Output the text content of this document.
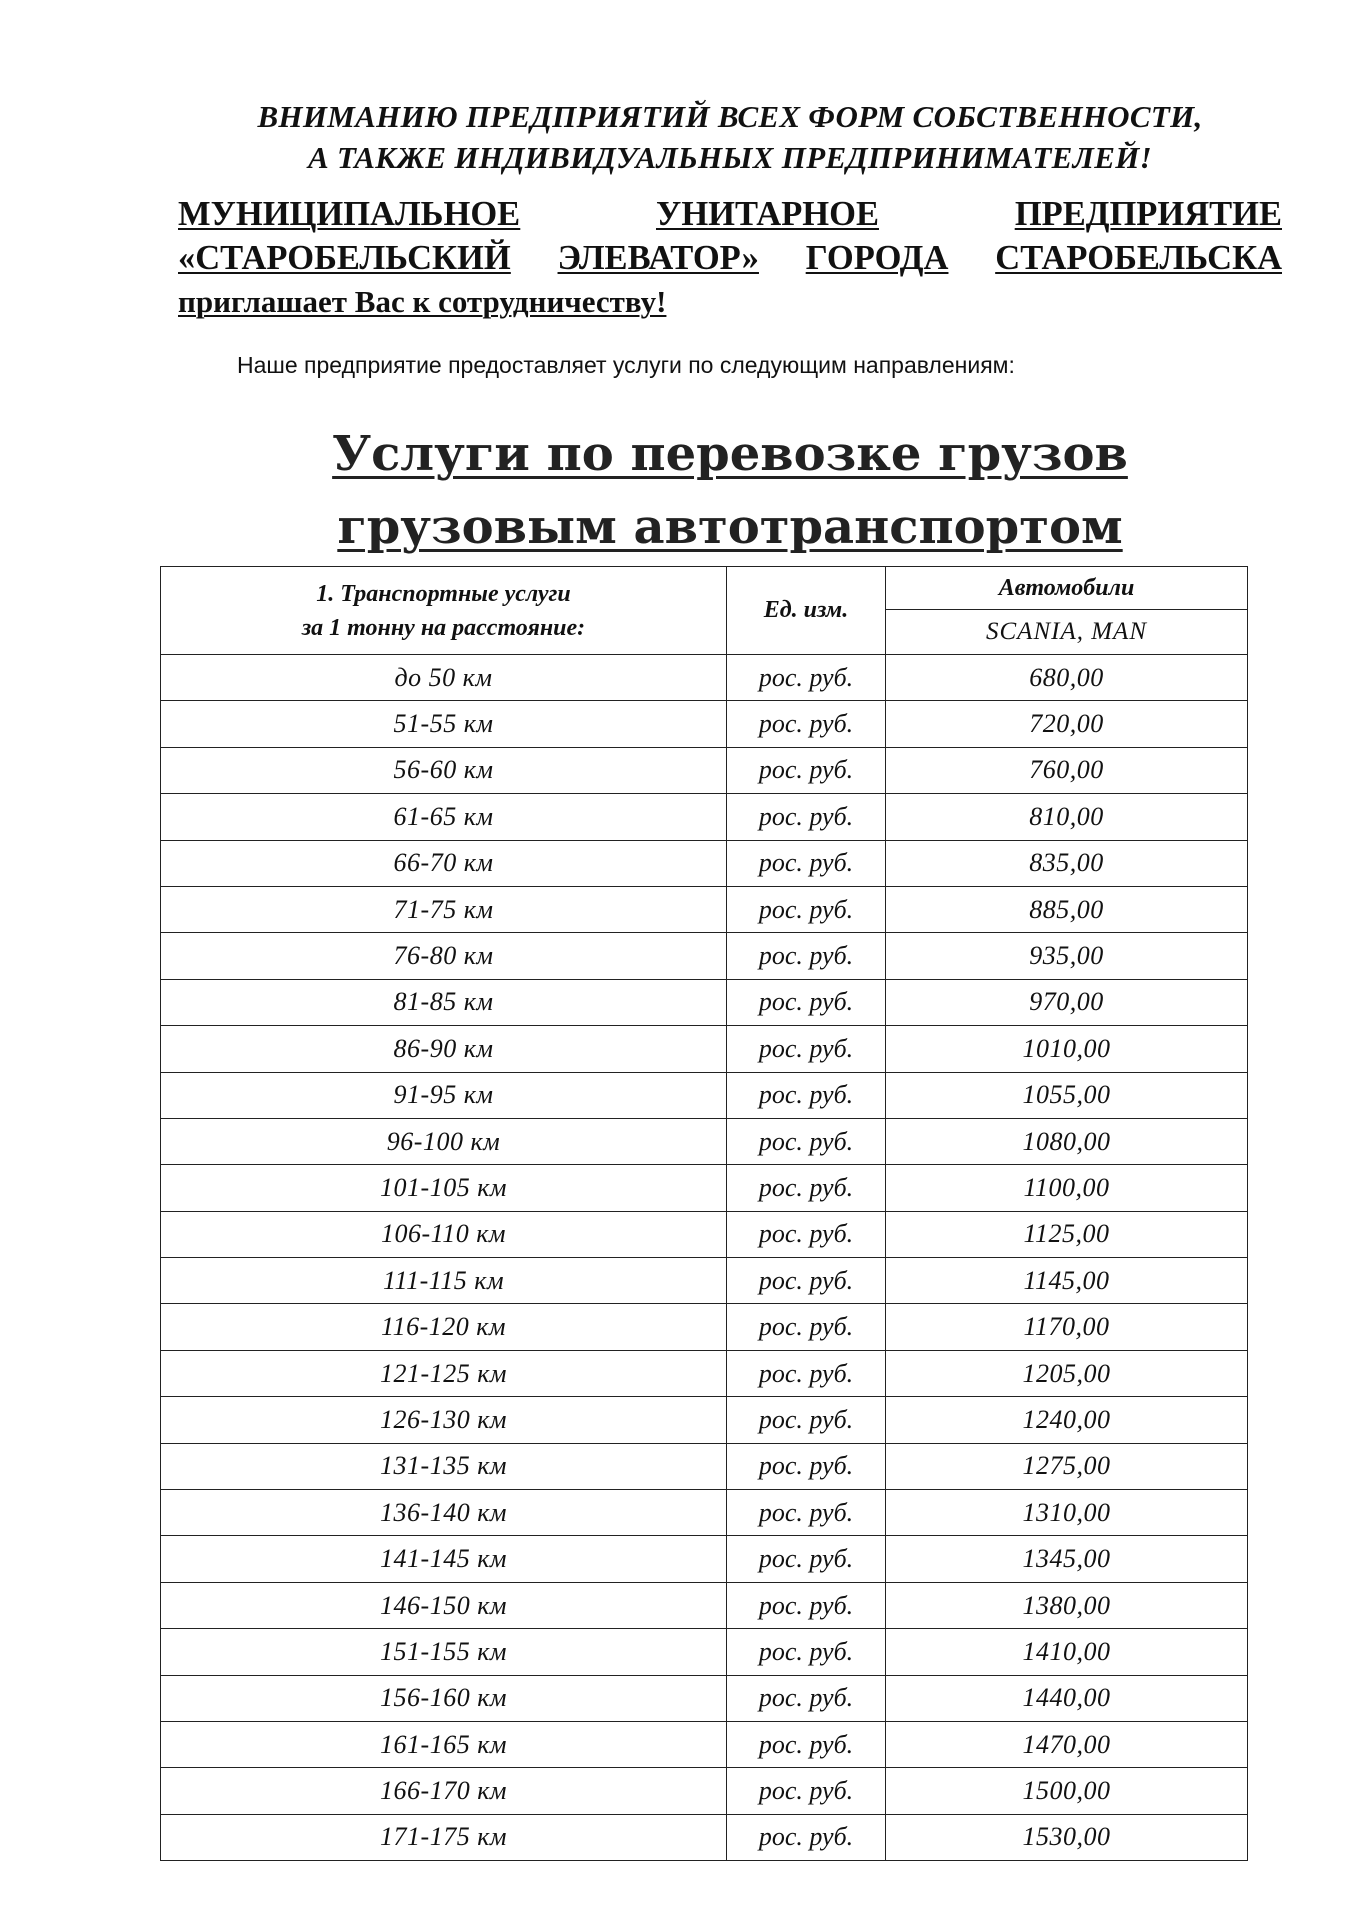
ВНИМАНИЮ ПРЕДПРИЯТИЙ ВСЕХ ФОРМ СОБСТВЕННОСТИ,
А ТАКЖЕ ИНДИВИДУАЛЬНЫХ ПРЕДПРИНИМАТЕЛЕЙ!
МУНИЦИПАЛЬНОЕ	УНИТАРНОЕ	ПРЕДПРИЯТИЕ
«СТАРОБЕЛЬСКИЙ ЭЛЕВАТОР» ГОРОДА СТАРОБЕЛЬСКА
приглашает Вас к сотрудничеству!
Наше предприятие предоставляет услуги по следующим направлениям:
Услуги по перевозке грузов
грузовым автотранспортом
1. Транспортные услуги
за 1 тонну на расстояние:	Ед. изм.	Автомобили
		SCANIA, MAN
до 50 км	рос. руб.	680,00
51-55 км	рос. руб.	720,00
56-60 км	рос. руб.	760,00
61-65 км	рос. руб.	810,00
66-70 км	рос. руб.	835,00
71-75 км	рос. руб.	885,00
76-80 км	рос. руб.	935,00
81-85 км	рос. руб.	970,00
86-90 км	рос. руб.	1010,00
91-95 км	рос. руб.	1055,00
96-100 км	рос. руб.	1080,00
101-105 км	рос. руб.	1100,00
106-110 км	рос. руб.	1125,00
111-115 км	рос. руб.	1145,00
116-120 км	рос. руб.	1170,00
121-125 км	рос. руб.	1205,00
126-130 км	рос. руб.	1240,00
131-135 км	рос. руб.	1275,00
136-140 км	рос. руб.	1310,00
141-145 км	рос. руб.	1345,00
146-150 км	рос. руб.	1380,00
151-155 км	рос. руб.	1410,00
156-160 км	рос. руб.	1440,00
161-165 км	рос. руб.	1470,00
166-170 км	рос. руб.	1500,00
171-175 км	рос. руб.	1530,00
